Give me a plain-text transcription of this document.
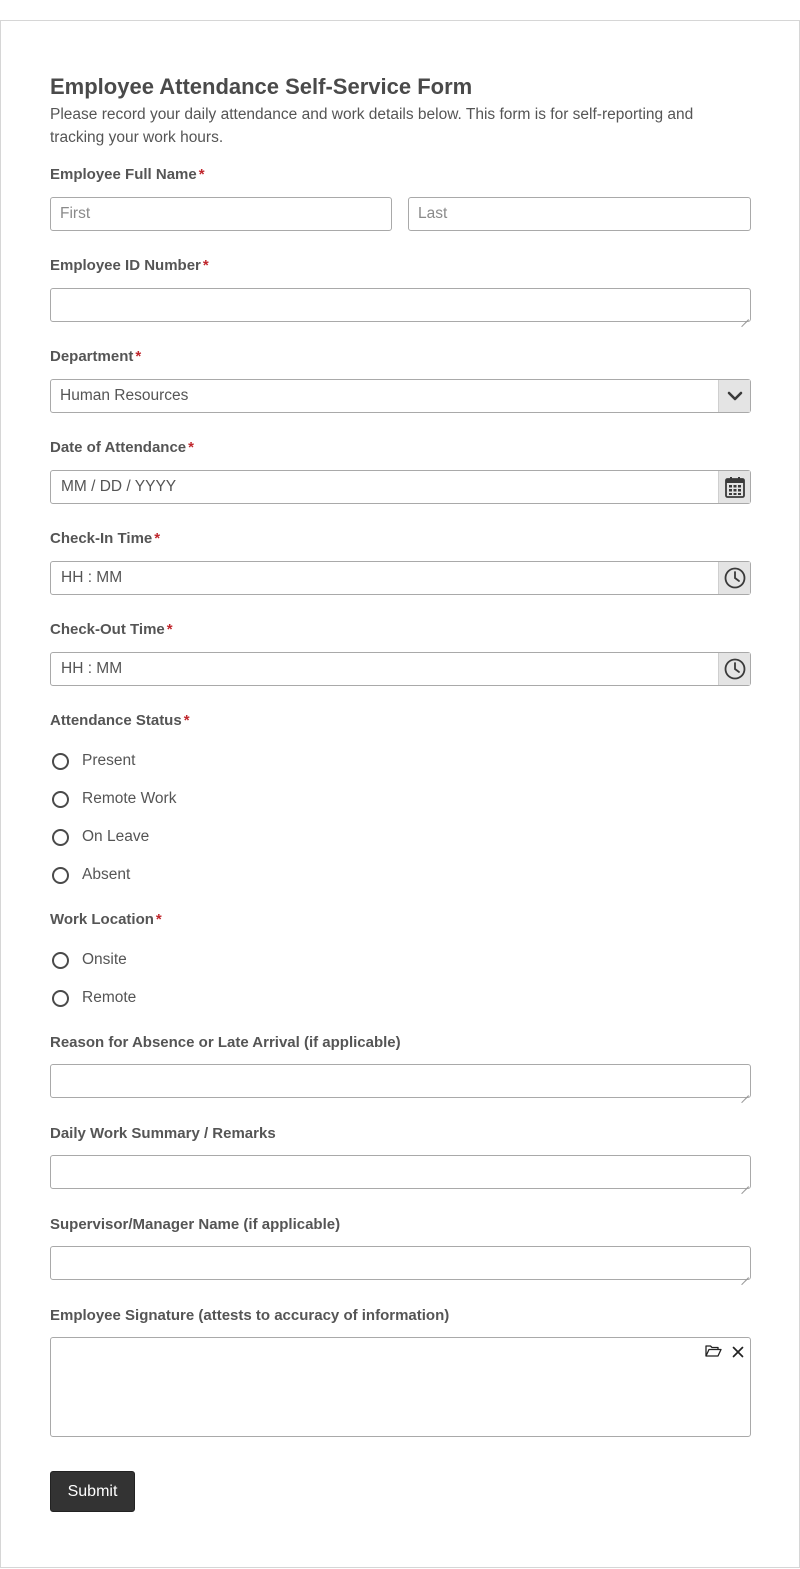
Employee Attendance Self-Service Form
Please record your daily attendance and work details below. This form is for self-reporting and tracking your work hours.
Employee Full Name *
First	Last
Employee ID Number *
Department *
Human Resources
Date of Attendance *
MM / DD / YYYY
Check-In Time *
HH : MM
Check-Out Time *
HH : MM
Attendance Status *
Present
Remote Work
On Leave
Absent
Work Location *
Onsite
Remote
Reason for Absence or Late Arrival (if applicable)
Daily Work Summary / Remarks
Supervisor/Manager Name (if applicable)
Employee Signature (attests to accuracy of information)
Submit
